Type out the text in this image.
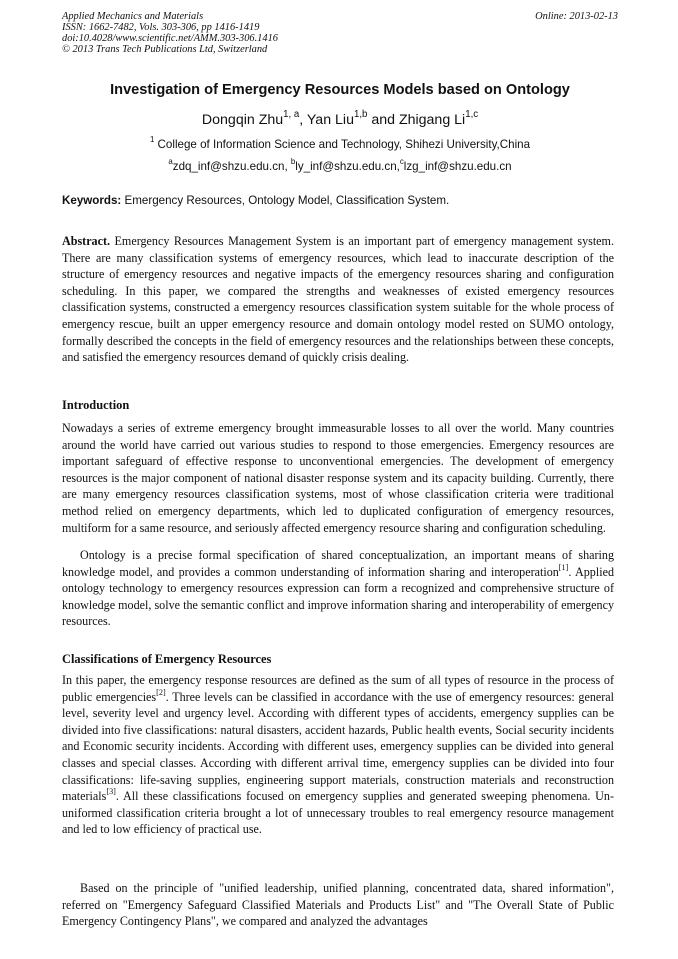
Applied Mechanics and Materials
ISSN: 1662-7482, Vols. 303-306, pp 1416-1419
doi:10.4028/www.scientific.net/AMM.303-306.1416
© 2013 Trans Tech Publications Ltd, Switzerland
Online: 2013-02-13
Investigation of Emergency Resources Models based on Ontology
Dongqin Zhu$^{1, a}$, Yan Liu$^{1,b}$ and Zhigang Li$^{1,c}$
$^1$ College of Information Science and Technology, Shihezi University,China
$^a$zdq_inf@shzu.edu.cn, $^b$ly_inf@shzu.edu.cn,$^c$lzg_inf@shzu.edu.cn
Keywords: Emergency Resources, Ontology Model, Classification System.
Abstract. Emergency Resources Management System is an important part of emergency management system. There are many classification systems of emergency resources, which lead to inaccurate description of the structure of emergency resources and negative impacts of the emergency resources sharing and configuration scheduling. In this paper, we compared the strengths and weaknesses of existed emergency resources classification systems, constructed a emergency resources classification system suitable for the whole process of emergency rescue, built an upper emergency resource and domain ontology model rested on SUMO ontology, formally described the concepts in the field of emergency resources and the relationships between these concepts, and satisfied the emergency resources demand of quickly crisis dealing.
Introduction
Nowadays a series of extreme emergency brought immeasurable losses to all over the world. Many countries around the world have carried out various studies to respond to those emergencies. Emergency resources are important safeguard of effective response to unconventional emergencies. The development of emergency resources is the major component of national disaster response system and its capacity building. Currently, there are many emergency resources classification systems, most of whose classification criteria were traditional method relied on emergency departments, which led to duplicated configuration of emergency resources, multiform for a same resource, and seriously affected emergency resource sharing and configuration scheduling.
Ontology is a precise formal specification of shared conceptualization, an important means of sharing knowledge model, and provides a common understanding of information sharing and interoperation[1]. Applied ontology technology to emergency resources expression can form a recognized and comprehensive structure of knowledge model, solve the semantic conflict and improve information sharing and interoperability of emergency resources.
Classifications of Emergency Resources
In this paper, the emergency response resources are defined as the sum of all types of resource in the process of public emergencies[2]. Three levels can be classified in accordance with the use of emergency resources: general level, severity level and urgency level. According with different types of accidents, emergency supplies can be divided into five classifications: natural disasters, accident hazards, Public health events, Social security incidents and Economic security incidents. According with different uses, emergency supplies can be divided into general classes and special classes. According with different arrival time, emergency supplies can be divided into four classifications: life-saving supplies, engineering support materials, construction materials and reconstruction materials[3]. All these classifications focused on emergency supplies and generated sweeping phenomena. Un-uniformed classification criteria brought a lot of unnecessary troubles to real emergency resource management and led to low efficiency of practical use.
Based on the principle of "unified leadership, unified planning, concentrated data, shared information", referred on "Emergency Safeguard Classified Materials and Products List" and "The Overall State of Public Emergency Contingency Plans", we compared and analyzed the advantages
